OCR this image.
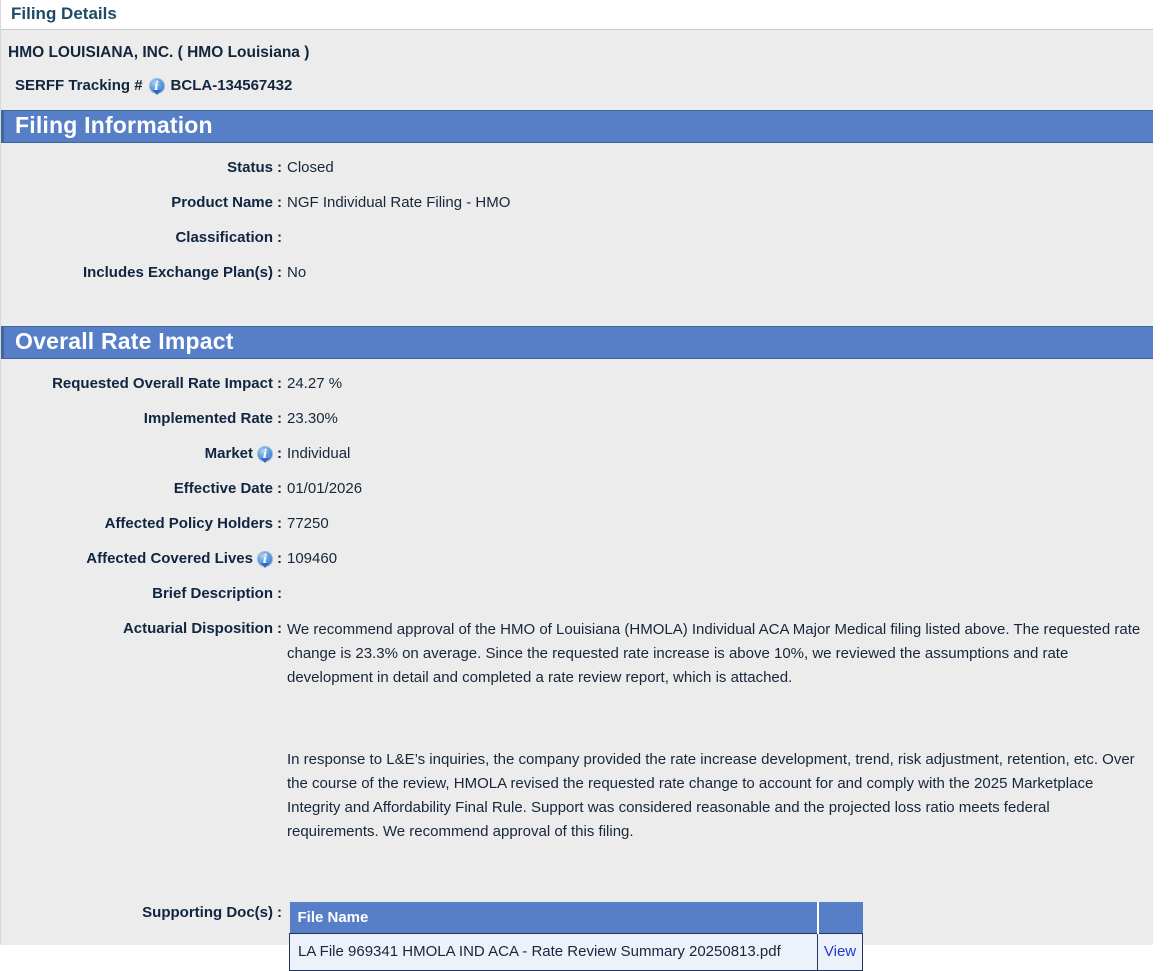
Filing Details
HMO LOUISIANA, INC. ( HMO Louisiana )
SERFF Tracking # i BCLA-134567432
Filing Information
Status : Closed
Product Name : NGF Individual Rate Filing - HMO
Classification :
Includes Exchange Plan(s) : No
Overall Rate Impact
Requested Overall Rate Impact : 24.27 %
Implemented Rate : 23.30%
Market i : Individual
Effective Date : 01/01/2026
Affected Policy Holders : 77250
Affected Covered Lives i : 109460
Brief Description :
Actuarial Disposition : We recommend approval of the HMO of Louisiana (HMOLA) Individual ACA Major Medical filing listed above. The requested rate change is 23.3% on average. Since the requested rate increase is above 10%, we reviewed the assumptions and rate development in detail and completed a rate review report, which is attached.

In response to L&E’s inquiries, the company provided the rate increase development, trend, risk adjustment, retention, etc. Over the course of the review, HMOLA revised the requested rate change to account for and comply with the 2025 Marketplace Integrity and Affordability Final Rule. Support was considered reasonable and the projected loss ratio meets federal requirements. We recommend approval of this filing.

Supporting Doc(s) : File Name	
LA File 969341 HMOLA IND ACA - Rate Review Summary 20250813.pdf	View
